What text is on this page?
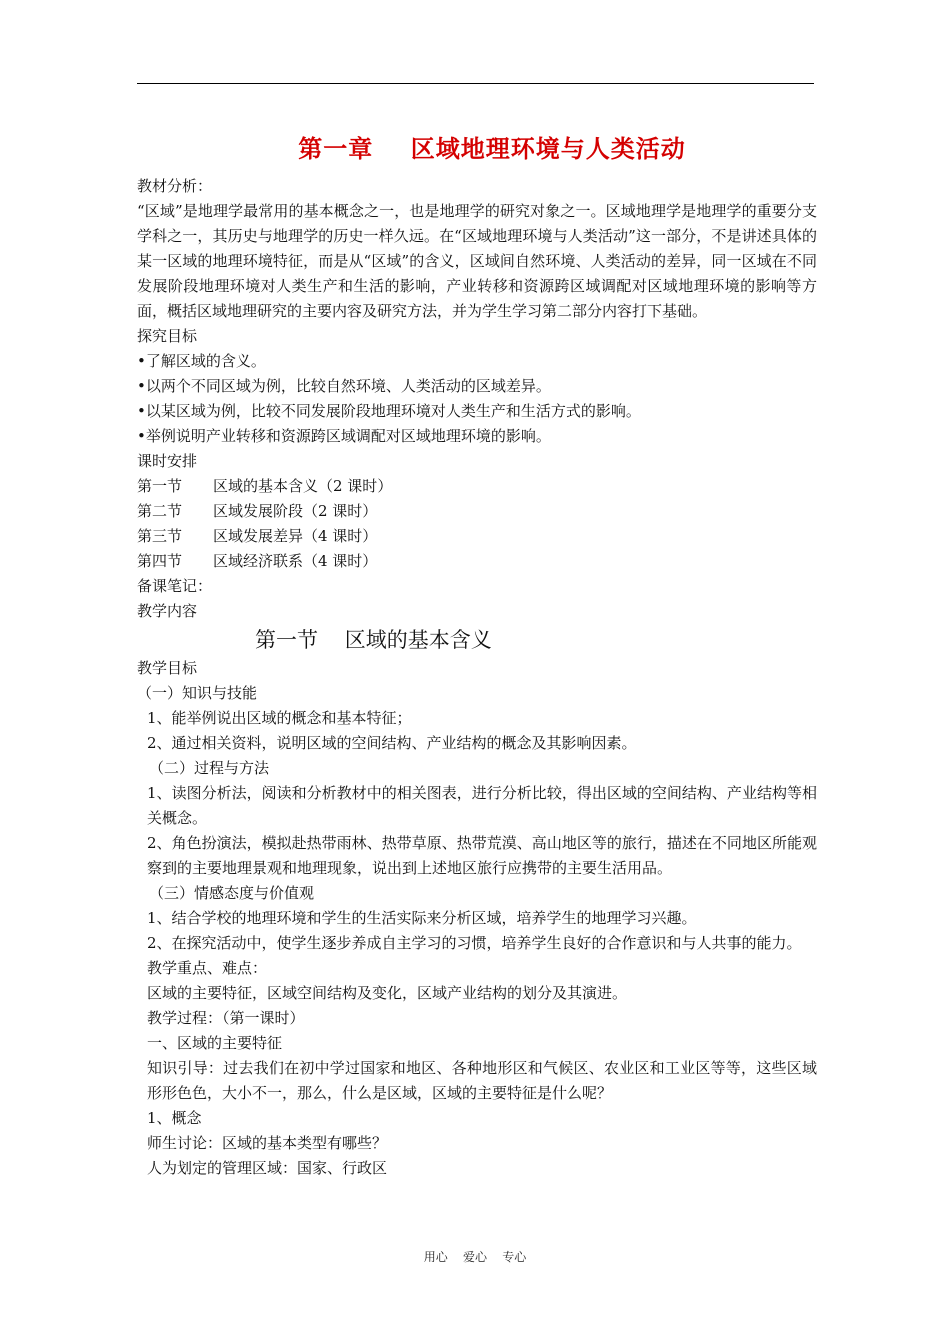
第一章    区域地理环境与人类活动
教材分析：

“区域”是地理学最常用的基本概念之一，也是地理学的研究对象之一。区域地理学是地理学的重要分支学科之一，其历史与地理学的历史一样久远。在“区域地理环境与人类活动”这一部分，不是讲述具体的某一区域的地理环境特征，而是从“区域”的含义，区域间自然环境、人类活动的差异，同一区域在不同发展阶段地理环境对人类生产和生活的影响，产业转移和资源跨区域调配对区域地理环境的影响等方面，概括区域地理研究的主要内容及研究方法，并为学生学习第二部分内容打下基础。

探究目标
•了解区域的含义。
•以两个不同区域为例，比较自然环境、人类活动的区域差异。
•以某区域为例，比较不同发展阶段地理环境对人类生产和生活方式的影响。
•举例说明产业转移和资源跨区域调配对区域地理环境的影响。
课时安排
第一节 区域的基本含义（2 课时）
第二节 区域发展阶段（2 课时）
第三节 区域发展差异（4 课时）
第四节 区域经济联系（4 课时）
备课笔记：
教学内容
第一节    区域的基本含义
教学目标
（一）知识与技能
1、能举例说出区域的概念和基本特征；
2、通过相关资料，说明区域的空间结构、产业结构的概念及其影响因素。
（二）过程与方法

1、读图分析法，阅读和分析教材中的相关图表，进行分析比较，得出区域的空间结构、产业结构等相关概念。

2、角色扮演法，模拟赴热带雨林、热带草原、热带荒漠、高山地区等的旅行，描述在不同地区所能观察到的主要地理景观和地理现象，说出到上述地区旅行应携带的主要生活用品。

（三）情感态度与价值观
1、结合学校的地理环境和学生的生活实际来分析区域，培养学生的地理学习兴趣。

2、在探究活动中，使学生逐步养成自主学习的习惯，培养学生良好的合作意识和与人共事的能力。

教学重点、难点：
区域的主要特征，区域空间结构及变化，区域产业结构的划分及其演进。
教学过程：（第一课时）
一、区域的主要特征

知识引导：过去我们在初中学过国家和地区、各种地形区和气候区、农业区和工业区等等，这些区域形形色色，大小不一，那么，什么是区域，区域的主要特征是什么呢？

1、概念
师生讨论：区域的基本类型有哪些？
人为划定的管理区域：国家、行政区
用心    爱心    专心
